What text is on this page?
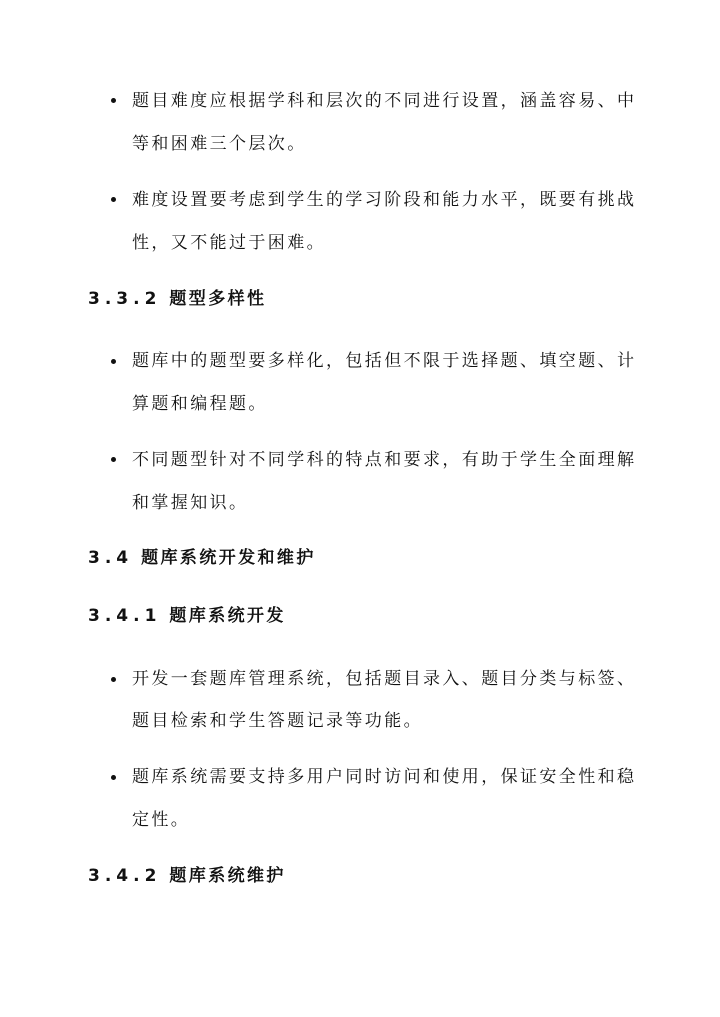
题目难度应根据学科和层次的不同进行设置，涵盖容易、中
等和困难三个层次。
难度设置要考虑到学生的学习阶段和能力水平，既要有挑战
性，又不能过于困难。
3.3.2 题型多样性
题库中的题型要多样化，包括但不限于选择题、填空题、计
算题和编程题。
不同题型针对不同学科的特点和要求，有助于学生全面理解
和掌握知识。
3.4 题库系统开发和维护
3.4.1 题库系统开发
开发一套题库管理系统，包括题目录入、题目分类与标签、
题目检索和学生答题记录等功能。
题库系统需要支持多用户同时访问和使用，保证安全性和稳
定性。
3.4.2 题库系统维护
